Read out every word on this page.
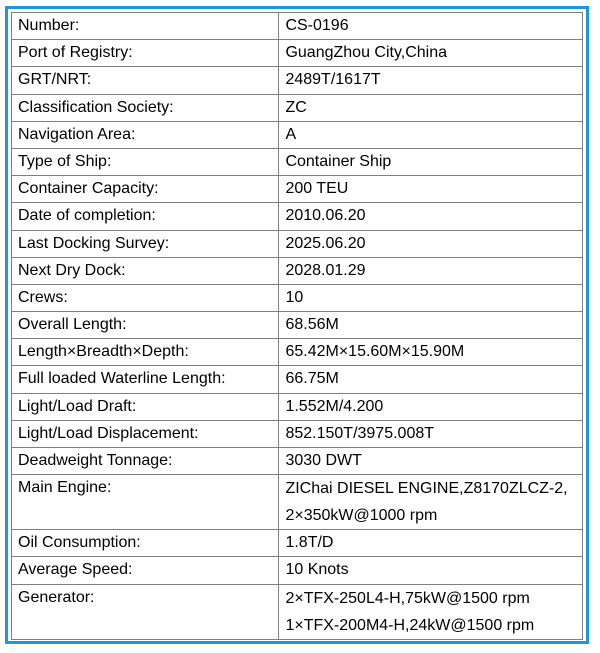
Number:	CS-0196
Port of Registry:	GuangZhou City,China
GRT/NRT:	2489T/1617T
Classification Society:	ZC
Navigation Area:	A
Type of Ship:	Container Ship
Container Capacity:	200 TEU
Date of completion:	2010.06.20
Last Docking Survey:	2025.06.20
Next Dry Dock:	2028.01.29
Crews:	10
Overall Length:	68.56M
Length×Breadth×Depth:	65.42M×15.60M×15.90M
Full loaded Waterline Length:	66.75M
Light/Load Draft:	1.552M/4.200
Light/Load Displacement:	852.150T/3975.008T
Deadweight Tonnage:	3030 DWT
Main Engine:	ZIChai DIESEL ENGINE,Z8170ZLCZ-2,
2×350kW@1000 rpm

Oil Consumption:	1.8T/D
Average Speed:	10 Knots
Generator:	2×TFX-250L4-H,75kW@1500 rpm
1×TFX-200M4-H,24kW@1500 rpm
